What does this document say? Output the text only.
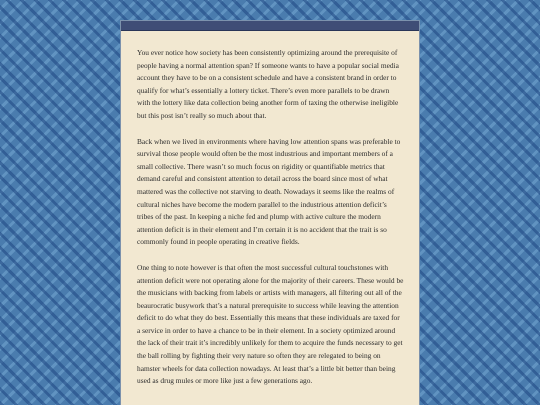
You ever notice how society has been consistently optimizing around the prerequisite of people having a normal attention span? If someone wants to have a popular social media account they have to be on a consistent schedule and have a consistent brand in order to qualify for what’s essentially a lottery ticket. There’s even more parallels to be drawn with the lottery like data collection being another form of taxing the otherwise ineligible but this post isn’t really so much about that.

Back when we lived in environments where having low attention spans was preferable to survival those people would often be the most industrious and important members of a small collective. There wasn’t so much focus on rigidity or quantifiable metrics that demand careful and consistent attention to detail across the board since most of what mattered was the collective not starving to death. Nowadays it seems like the realms of cultural niches have become the modern parallel to the industrious attention deficit’s tribes of the past. In keeping a niche fed and plump with active culture the modern attention deficit is in their element and I’m certain it is no accident that the trait is so commonly found in people operating in creative fields.

One thing to note however is that often the most successful cultural touchstones with attention deficit were not operating alone for the majority of their careers. These would be the musicians with backing from labels or artists with managers, all filtering out all of the beaurocratic busywork that’s a natural prerequisite to success while leaving the attention deficit to do what they do best. Essentially this means that these individuals are taxed for a service in order to have a chance to be in their element. In a society optimized around the lack of their trait it’s incredibly unlikely for them to acquire the funds necessary to get the ball rolling by fighting their very nature so often they are relegated to being on hamster wheels for data collection nowadays. At least that’s a little bit better than being used as drug mules or more like just a few generations ago.
